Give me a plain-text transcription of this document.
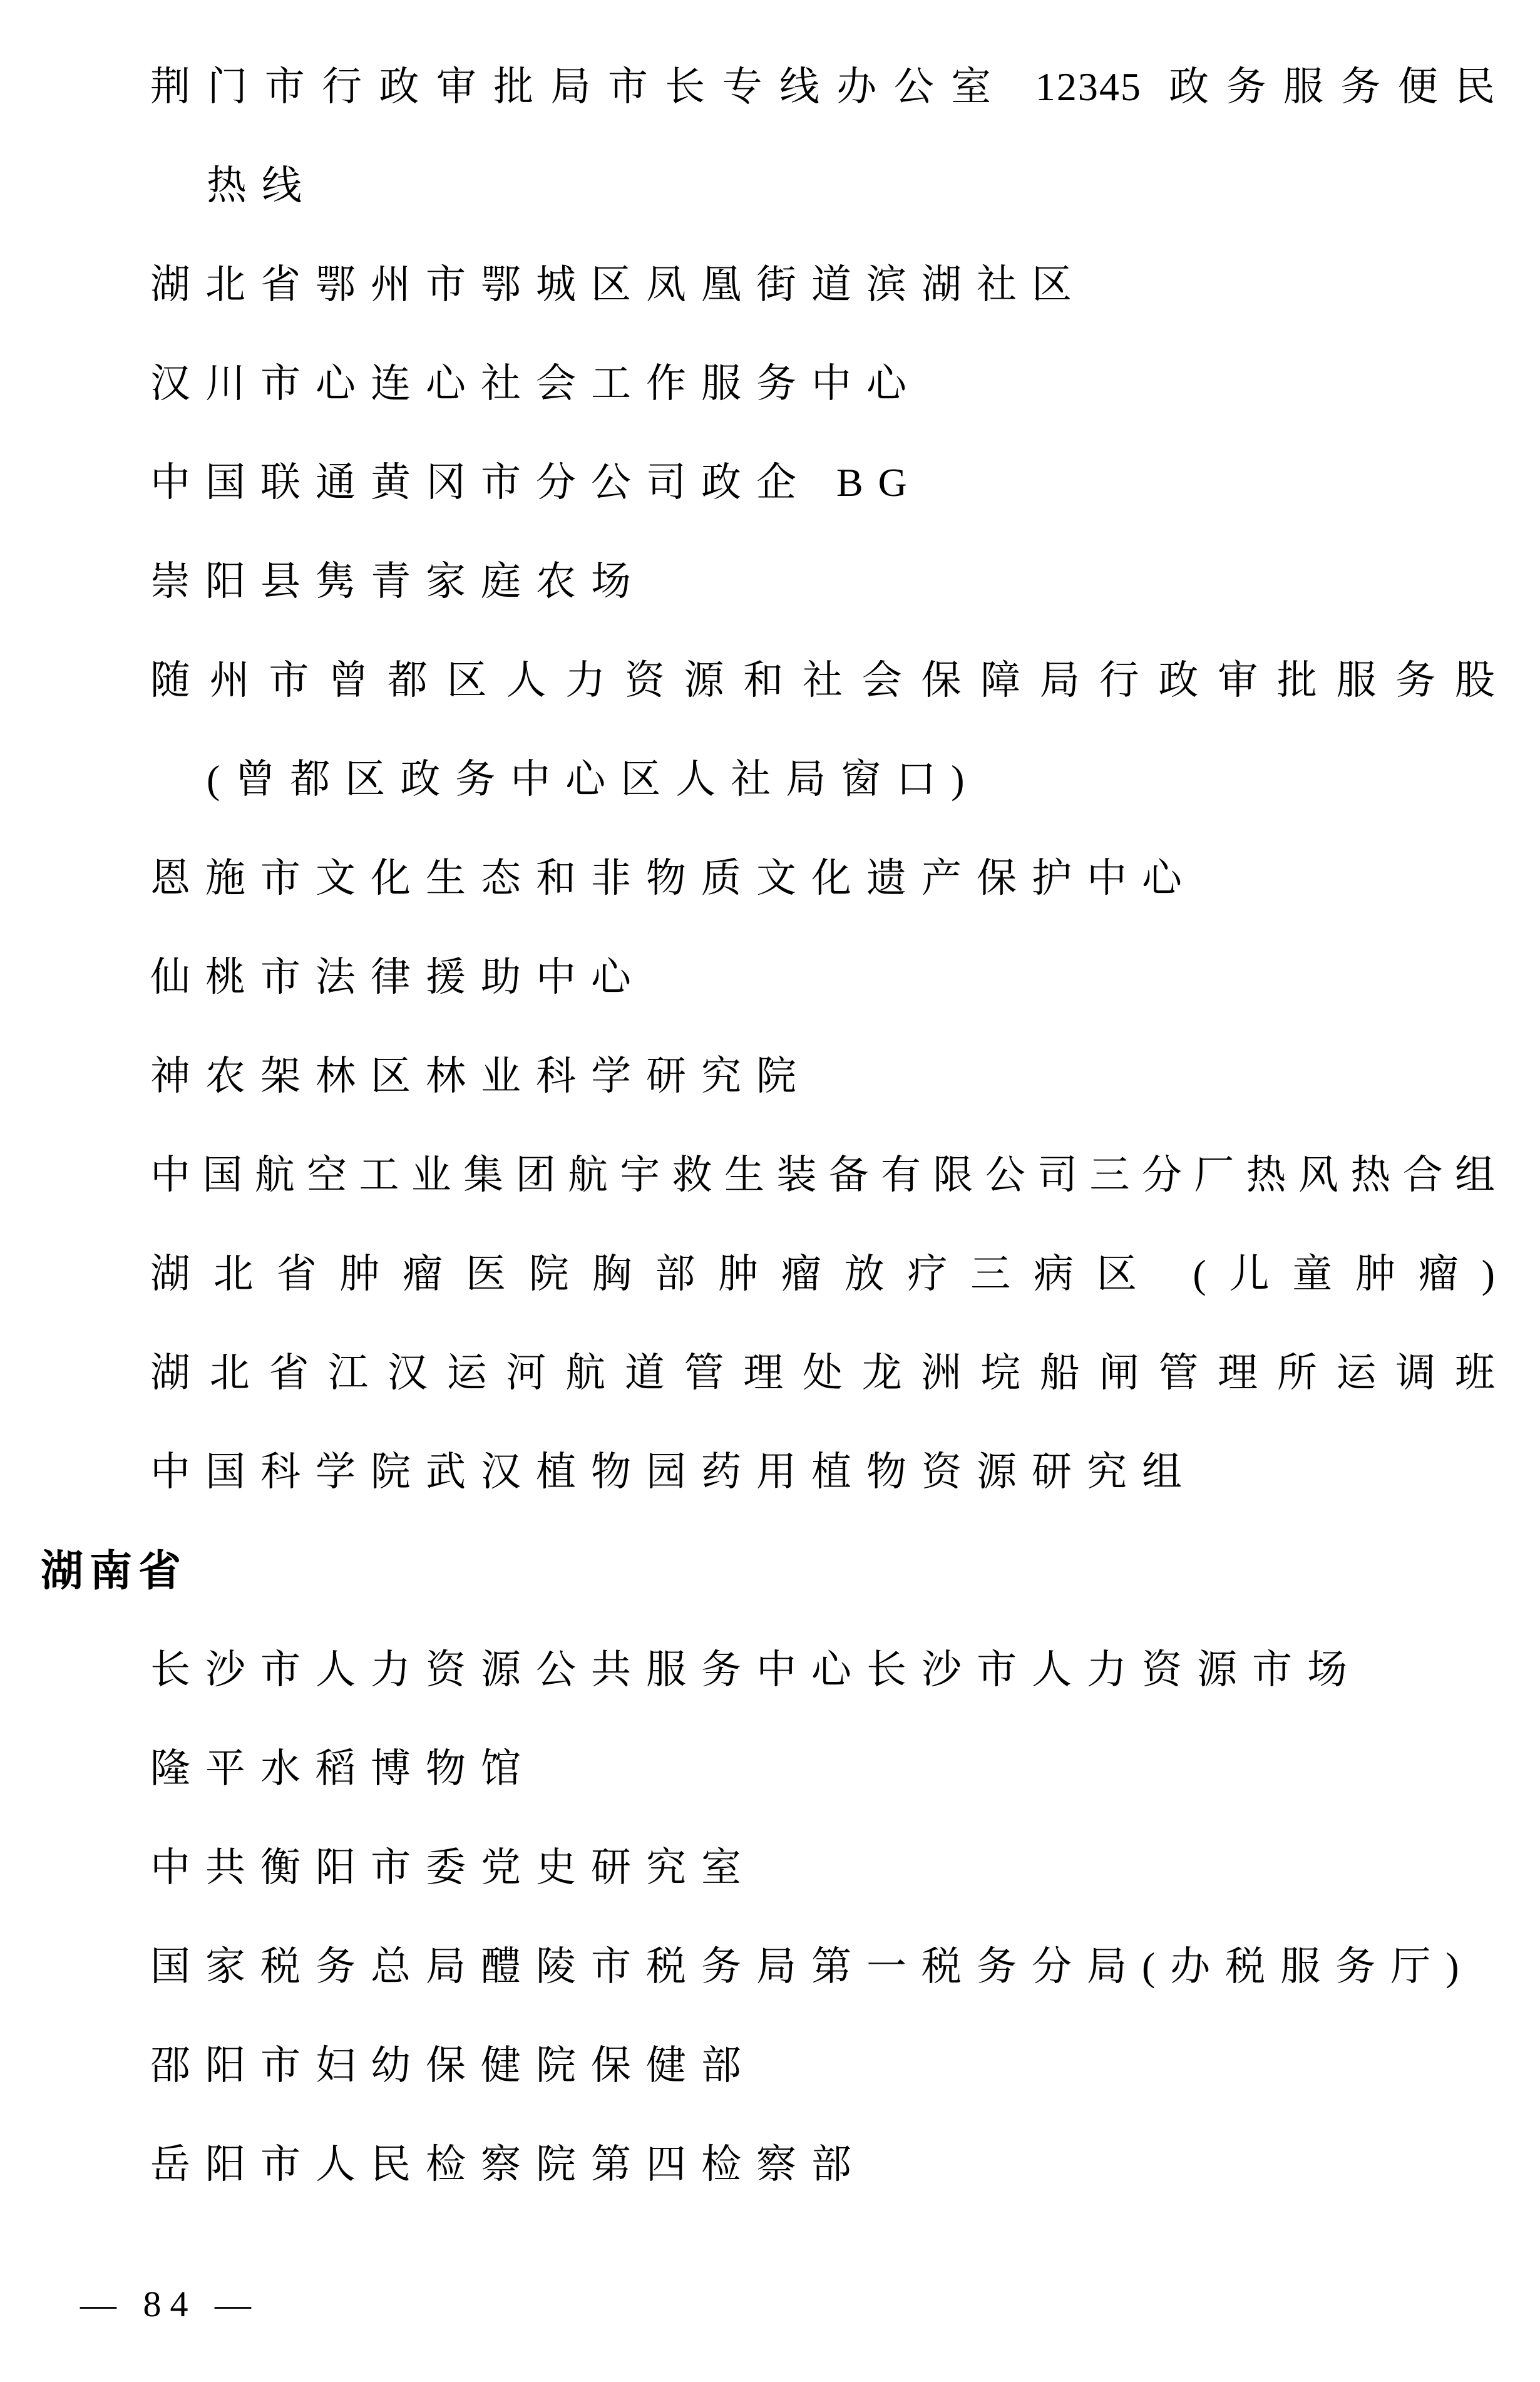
荆门市行政审批局市长专线办公室 12345 政务服务便民
热线
湖北省鄂州市鄂城区凤凰街道滨湖社区
汉川市心连心社会工作服务中心
中国联通黄冈市分公司政企 BG
崇阳县隽青家庭农场
随州市曾都区人力资源和社会保障局行政审批服务股
(曾都区政务中心区人社局窗口)
恩施市文化生态和非物质文化遗产保护中心
仙桃市法律援助中心
神农架林区林业科学研究院
中国航空工业集团航宇救生装备有限公司三分厂热风热合组
湖北省肿瘤医院胸部肿瘤放疗三病区 (儿童肿瘤)
湖北省江汉运河航道管理处龙洲垸船闸管理所运调班
中国科学院武汉植物园药用植物资源研究组
湖南省
长沙市人力资源公共服务中心长沙市人力资源市场
隆平水稻博物馆
中共衡阳市委党史研究室
国家税务总局醴陵市税务局第一税务分局(办税服务厅)
邵阳市妇幼保健院保健部
岳阳市人民检察院第四检察部
— 84 —
